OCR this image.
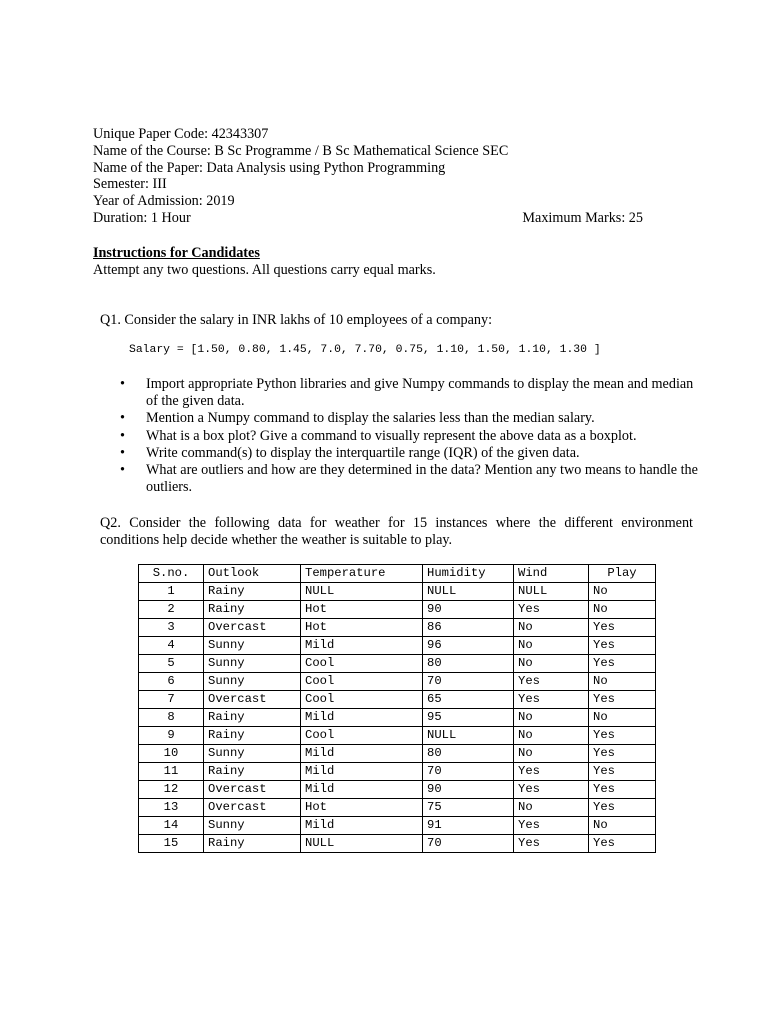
Unique Paper Code: 42343307
Name of the Course: B Sc Programme / B Sc Mathematical Science SEC
Name of the Paper: Data Analysis using Python Programming
Semester: III
Year of Admission: 2019
Duration: 1 Hour	Maximum Marks: 25
Instructions for Candidates
Attempt any two questions. All questions carry equal marks.
Q1. Consider the salary in INR lakhs of 10 employees of a company:
Salary = [1.50, 0.80, 1.45, 7.0, 7.70, 0.75, 1.10, 1.50, 1.10, 1.30 ]
• Import appropriate Python libraries and give Numpy commands to display the mean and median of the given data.
• Mention a Numpy command to display the salaries less than the median salary.
• What is a box plot? Give a command to visually represent the above data as a boxplot.
• Write command(s) to display the interquartile range (IQR) of the given data.
• What are outliers and how are they determined in the data? Mention any two means to handle the outliers.
Q2. Consider the following data for weather for 15 instances where the different environment conditions help decide whether the weather is suitable to play.
S.no.	Outlook	Temperature	Humidity	Wind	Play
1	Rainy	NULL	NULL	NULL	No
2	Rainy	Hot	90	Yes	No
3	Overcast	Hot	86	No	Yes
4	Sunny	Mild	96	No	Yes
5	Sunny	Cool	80	No	Yes
6	Sunny	Cool	70	Yes	No
7	Overcast	Cool	65	Yes	Yes
8	Rainy	Mild	95	No	No
9	Rainy	Cool	NULL	No	Yes
10	Sunny	Mild	80	No	Yes
11	Rainy	Mild	70	Yes	Yes
12	Overcast	Mild	90	Yes	Yes
13	Overcast	Hot	75	No	Yes
14	Sunny	Mild	91	Yes	No
15	Rainy	NULL	70	Yes	Yes
